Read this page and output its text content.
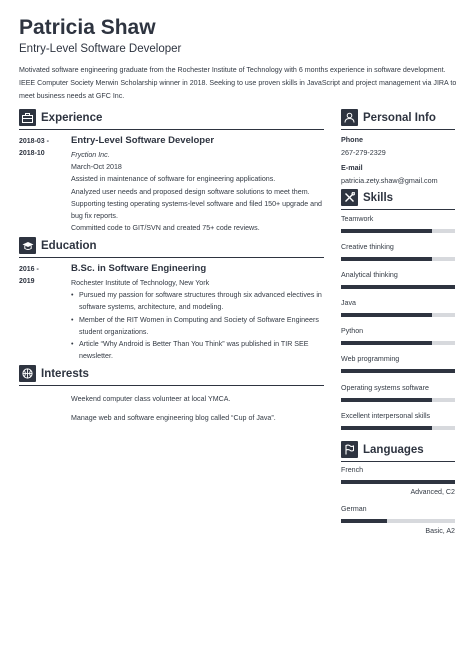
Patricia Shaw
Entry-Level Software Developer
Motivated software engineering graduate from the Rochester Institute of Technology with 6 months experience in software development. IEEE Computer Society Merwin Scholarship winner in 2018. Seeking to use proven skills in JavaScript and project management via JIRA to meet business needs at GFC Inc.
Experience
2018-03 -
2018-10
Entry-Level Software Developer
Fryction Inc.
March-Oct 2018
Assisted in maintenance of software for engineering applications.
Analyzed user needs and proposed design software solutions to meet them.
Supporting testing operating systems-level software and filed 150+ upgrade and bug fix reports.
Committed code to GIT/SVN and created 75+ code reviews.
Education
2016 -
2019
B.Sc. in Software Engineering
Rochester Institute of Technology, New York
• Pursued my passion for software structures through six advanced electives in software systems, architecture, and modeling.
• Member of the RIT Women in Computing and Society of Software Engineers student organizations.
• Article “Why Android is Better Than You Think” was published in TIR SEE newsletter.
Interests
Weekend computer class volunteer at local YMCA.
Manage web and software engineering blog called “Cup of Java”.
Personal Info
Phone
267-279-2329
E-mail
patricia.zety.shaw@gmail.com
Skills
Teamwork
Creative thinking
Analytical thinking
Java
Python
Web programming
Operating systems software
Excellent interpersonal skills
Languages
French
Advanced, C2
German
Basic, A2
